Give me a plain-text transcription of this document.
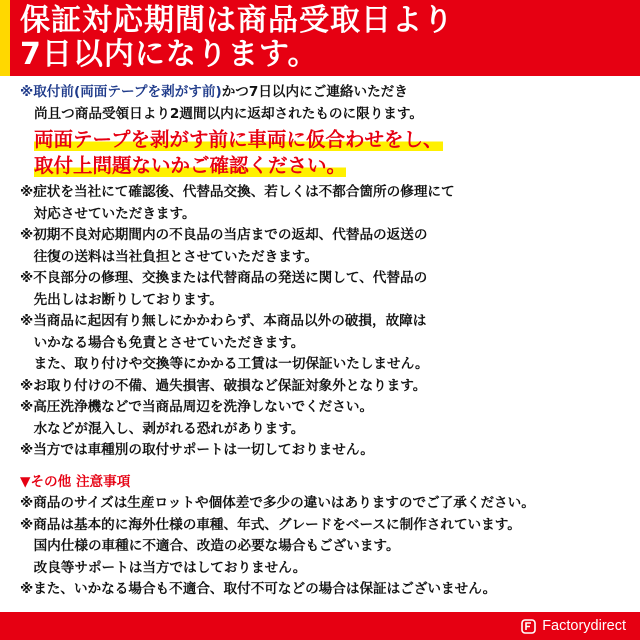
保証対応期間は商品受取日より
7日以内になります。
※取付前(両面テープを剥がす前)かつ7日以内にご連絡いただき
尚且つ商品受領日より2週間以内に返却されたものに限ります。
両面テープを剥がす前に車両に仮合わせをし、
取付上問題ないかご確認ください。
※症状を当社にて確認後、代替品交換、若しくは不都合箇所の修理にて
　対応させていただきます。
※初期不良対応期間内の不良品の当店までの返却、代替品の返送の
　往復の送料は当社負担とさせていただきます。
※不良部分の修理、交換または代替商品の発送に関して、代替品の
　先出しはお断りしております。
※当商品に起因有り無しにかかわらず、本商品以外の破損，故障は
　いかなる場合も免責とさせていただきます。
　また、取り付けや交換等にかかる工賃は一切保証いたしません。
※お取り付けの不備、過失損害、破損など保証対象外となります。
※高圧洗浄機などで当商品周辺を洗浄しないでください。
　水などが混入し、剥がれる恐れがあります。
※当方では車種別の取付サポートは一切しておりません。
▼その他 注意事項
※商品のサイズは生産ロットや個体差で多少の違いはありますのでご了承ください。
※商品は基本的に海外仕様の車種、年式、グレードをベースに制作されています。
　国内仕様の車種に不適合、改造の必要な場合もございます。
　改良等サポートは当方ではしておりません。
※また、いかなる場合も不適合、取付不可などの場合は保証はございません。
Factorydirect
